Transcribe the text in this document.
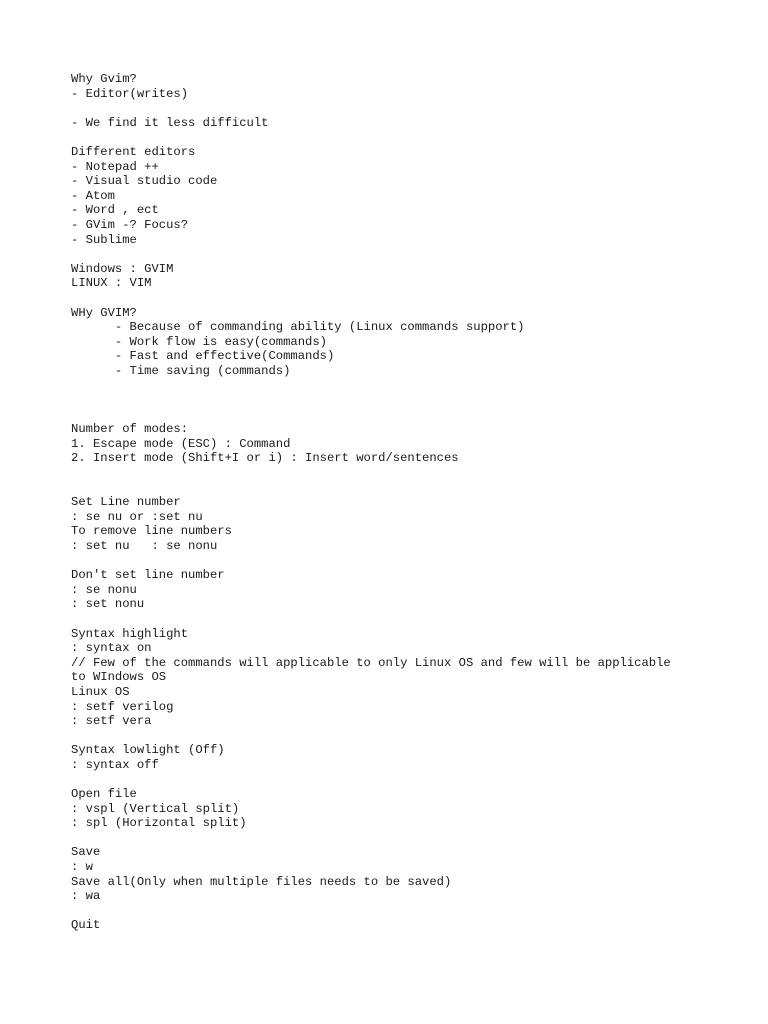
Why Gvim?
- Editor(writes)
- We find it less difficult
Different editors
- Notepad ++
- Visual studio code
- Atom
- Word , ect
- GVim -? Focus?
- Sublime
Windows : GVIM
LINUX : VIM
WHy GVIM?
- Because of commanding ability (Linux commands support)
- Work flow is easy(commands)
- Fast and effective(Commands)
- Time saving (commands)
Number of modes:
1. Escape mode (ESC) : Command
2. Insert mode (Shift+I or i) : Insert word/sentences
Set Line number
: se nu or :set nu
To remove line numbers
: set nu   : se nonu
Don't set line number
: se nonu
: set nonu
Syntax highlight
: syntax on
// Few of the commands will applicable to only Linux OS and few will be applicable
to WIndows OS
Linux OS
: setf verilog
: setf vera
Syntax lowlight (Off)
: syntax off
Open file
: vspl (Vertical split)
: spl (Horizontal split)
Save
: w
Save all(Only when multiple files needs to be saved)
: wa
Quit
